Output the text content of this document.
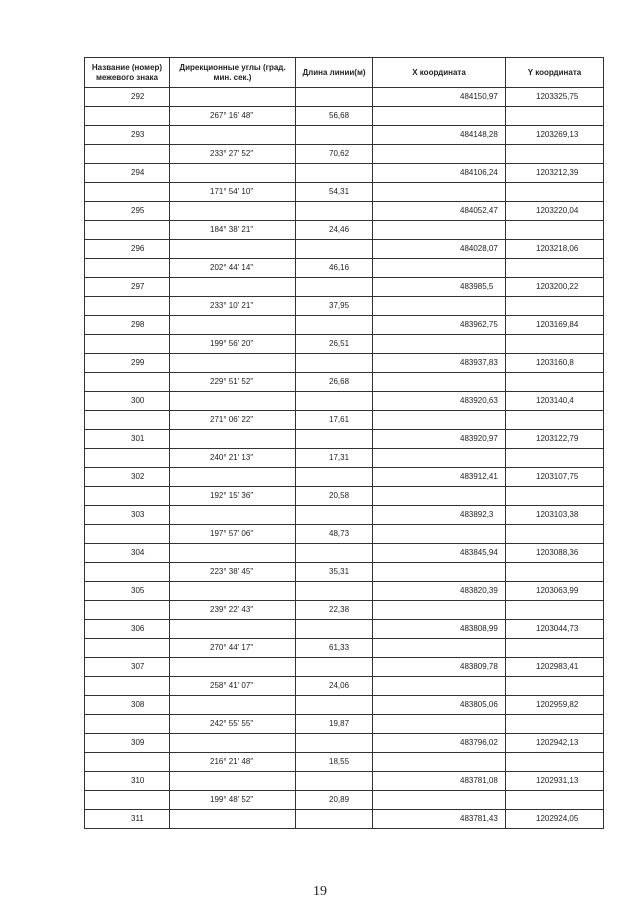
Название (номер) межевого знака	Дирекционные углы (град. мин. сек.)	Длина линии(м)	X координата	Y координата

292			484150,97	1203325,75

	267° 16' 48"	56,68		

293			484148,28	1203269,13

	233° 27' 52"	70,62		

294			484106,24	1203212,39

	171° 54' 10"	54,31		

295			484052,47	1203220,04

	184° 38' 21"	24,46		

296			484028,07	1203218,06

	202° 44' 14"	46,16		

297			483985,5	1203200,22

	233° 10' 21"	37,95		

298			483962,75	1203169,84

	199° 56' 20"	26,51		

299			483937,83	1203160,8

	229° 51' 52"	26,68		

300			483920,63	1203140,4

	271° 06' 22"	17,61		

301			483920,97	1203122,79

	240° 21' 13"	17,31		

302			483912,41	1203107,75

	192° 15' 36"	20,58		

303			483892,3	1203103,38

	197° 57' 06"	48,73		

304			483845,94	1203088,36

	223° 38' 45"	35,31		

305			483820,39	1203063,99

	239° 22' 43"	22,38		

306			483808,99	1203044,73

	270° 44' 17"	61,33		

307			483809,78	1202983,41

	258° 41' 07"	24,06		

308			483805,06	1202959,82

	242° 55' 55"	19,87		

309			483796,02	1202942,13

	216° 21' 48"	18,55		

310			483781,08	1202931,13

	199° 48' 52"	20,89		

311			483781,43	1202924,05
19
